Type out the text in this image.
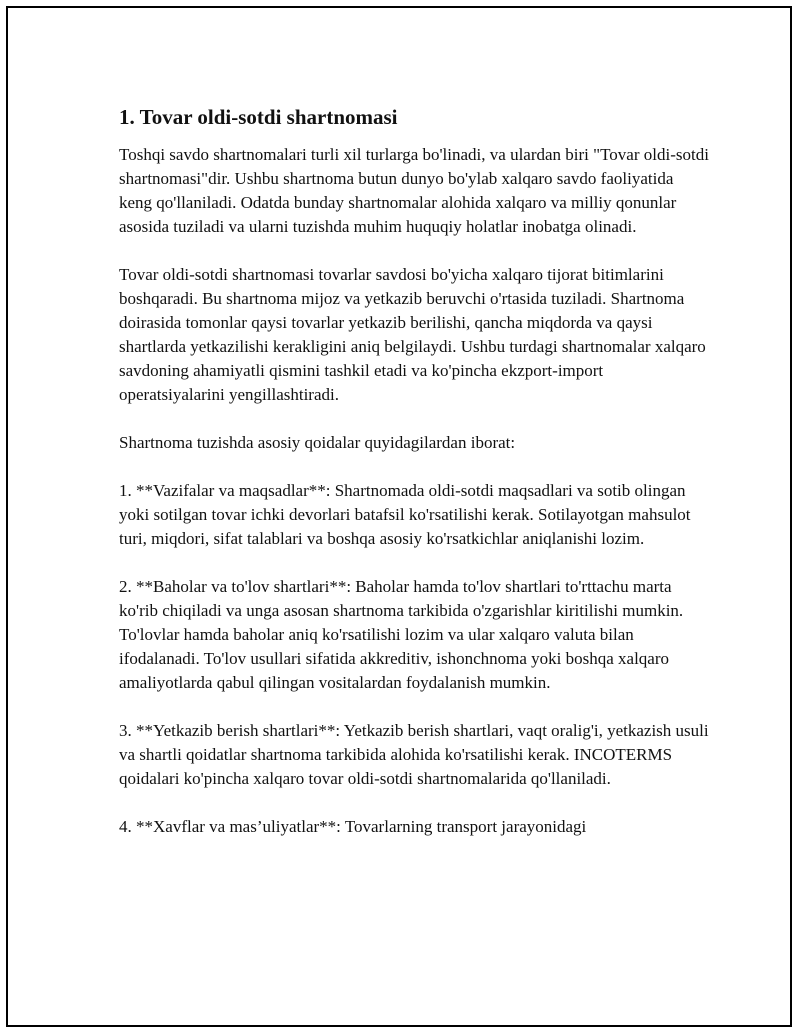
1. Tovar oldi-sotdi shartnomasi

Toshqi savdo shartnomalari turli xil turlarga bo'linadi, va ulardan biri "Tovar oldi-sotdi shartnomasi"dir. Ushbu shartnoma butun dunyo bo'ylab xalqaro savdo faoliyatida keng qo'llaniladi. Odatda bunday shartnomalar alohida xalqaro va milliy qonunlar asosida tuziladi va ularni tuzishda muhim huquqiy holatlar inobatga olinadi.

Tovar oldi-sotdi shartnomasi tovarlar savdosi bo'yicha xalqaro tijorat bitimlarini boshqaradi. Bu shartnoma mijoz va yetkazib beruvchi o'rtasida tuziladi. Shartnoma doirasida tomonlar qaysi tovarlar yetkazib berilishi, qancha miqdorda va qaysi shartlarda yetkazilishi kerakligini aniq belgilaydi. Ushbu turdagi shartnomalar xalqaro savdoning ahamiyatli qismini tashkil etadi va ko'pincha ekzport-import operatsiyalarini yengillashtiradi.

Shartnoma tuzishda asosiy qoidalar quyidagilardan iborat:

1. **Vazifalar va maqsadlar**: Shartnomada oldi-sotdi maqsadlari va sotib olingan yoki sotilgan tovar ichki devorlari batafsil ko'rsatilishi kerak. Sotilayotgan mahsulot turi, miqdori, sifat talablari va boshqa asosiy ko'rsatkichlar aniqlanishi lozim.

2. **Baholar va to'lov shartlari**: Baholar hamda to'lov shartlari to'rttachu marta ko'rib chiqiladi va unga asosan shartnoma tarkibida o'zgarishlar kiritilishi mumkin. To'lovlar hamda baholar aniq ko'rsatilishi lozim va ular xalqaro valuta bilan ifodalanadi. To'lov usullari sifatida akkreditiv, ishonchnoma yoki boshqa xalqaro amaliyotlarda qabul qilingan vositalardan foydalanish mumkin.

3. **Yetkazib berish shartlari**: Yetkazib berish shartlari, vaqt oralig'i, yetkazish usuli va shartli qoidatlar shartnoma tarkibida alohida ko'rsatilishi kerak. INCOTERMS qoidalari ko'pincha xalqaro tovar oldi-sotdi shartnomalarida qo'llaniladi.

4. **Xavflar va mas’uliyatlar**: Tovarlarning transport jarayonidagi
